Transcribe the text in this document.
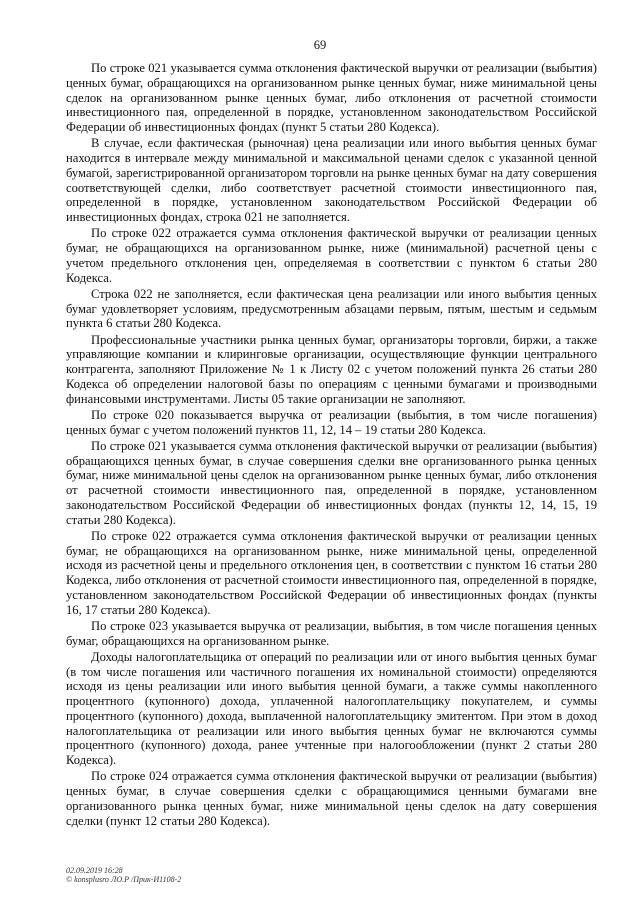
69

По строке 021 указывается сумма отклонения фактической выручки от реализации (выбытия) ценных бумаг, обращающихся на организованном рынке ценных бумаг, ниже минимальной цены сделок на организованном рынке ценных бумаг, либо отклонения от расчетной стоимости инвестиционного пая, определенной в порядке, установленном законодательством Российской Федерации об инвестиционных фондах (пункт 5 статьи 280 Кодекса).

В случае, если фактическая (рыночная) цена реализации или иного выбытия ценных бумаг находится в интервале между минимальной и максимальной ценами сделок с указанной ценной бумагой, зарегистрированной организатором торговли на рынке ценных бумаг на дату совершения соответствующей сделки, либо соответствует расчетной стоимости инвестиционного пая, определенной в порядке, установленном законодательством Российской Федерации об инвестиционных фондах, строка 021 не заполняется.

По строке 022 отражается сумма отклонения фактической выручки от реализации ценных бумаг, не обращающихся на организованном рынке, ниже (минимальной) расчетной цены с учетом предельного отклонения цен, определяемая в соответствии с пунктом 6 статьи 280 Кодекса.

Строка 022 не заполняется, если фактическая цена реализации или иного выбытия ценных бумаг удовлетворяет условиям, предусмотренным абзацами первым, пятым, шестым и седьмым пункта 6 статьи 280 Кодекса.

Профессиональные участники рынка ценных бумаг, организаторы торговли, биржи, а также управляющие компании и клиринговые организации, осуществляющие функции центрального контрагента, заполняют Приложение № 1 к Листу 02 с учетом положений пункта 26 статьи 280 Кодекса об определении налоговой базы по операциям с ценными бумагами и производными финансовыми инструментами. Листы 05 такие организации не заполняют.

По строке 020 показывается выручка от реализации (выбытия, в том числе погашения) ценных бумаг с учетом положений пунктов 11, 12, 14 – 19 статьи 280 Кодекса.

По строке 021 указывается сумма отклонения фактической выручки от реализации (выбытия) обращающихся ценных бумаг, в случае совершения сделки вне организованного рынка ценных бумаг, ниже минимальной цены сделок на организованном рынке ценных бумаг, либо отклонения от расчетной стоимости инвестиционного пая, определенной в порядке, установленном законодательством Российской Федерации об инвестиционных фондах (пункты 12, 14, 15, 19 статьи 280 Кодекса).

По строке 022 отражается сумма отклонения фактической выручки от реализации ценных бумаг, не обращающихся на организованном рынке, ниже минимальной цены, определенной исходя из расчетной цены и предельного отклонения цен, в соответствии с пунктом 16 статьи 280 Кодекса, либо отклонения от расчетной стоимости инвестиционного пая, определенной в порядке, установленном законодательством Российской Федерации об инвестиционных фондах (пункты 16, 17 статьи 280 Кодекса).

По строке 023 указывается выручка от реализации, выбытия, в том числе погашения ценных бумаг, обращающихся на организованном рынке.

Доходы налогоплательщика от операций по реализации или от иного выбытия ценных бумаг (в том числе погашения или частичного погашения их номинальной стоимости) определяются исходя из цены реализации или иного выбытия ценной бумаги, а также суммы накопленного процентного (купонного) дохода, уплаченной налогоплательщику покупателем, и суммы процентного (купонного) дохода, выплаченной налогоплательщику эмитентом. При этом в доход налогоплательщика от реализации или иного выбытия ценных бумаг не включаются суммы процентного (купонного) дохода, ранее учтенные при налогообложении (пункт 2 статьи 280 Кодекса).

По строке 024 отражается сумма отклонения фактической выручки от реализации (выбытия) ценных бумаг, в случае совершения сделки с обращающимися ценными бумагами вне организованного рынка ценных бумаг, ниже минимальной цены сделок на дату совершения сделки (пункт 12 статьи 280 Кодекса).

02.09.2019 16:28
© konsplusro ЛО.Р /Прик-И1108-2
